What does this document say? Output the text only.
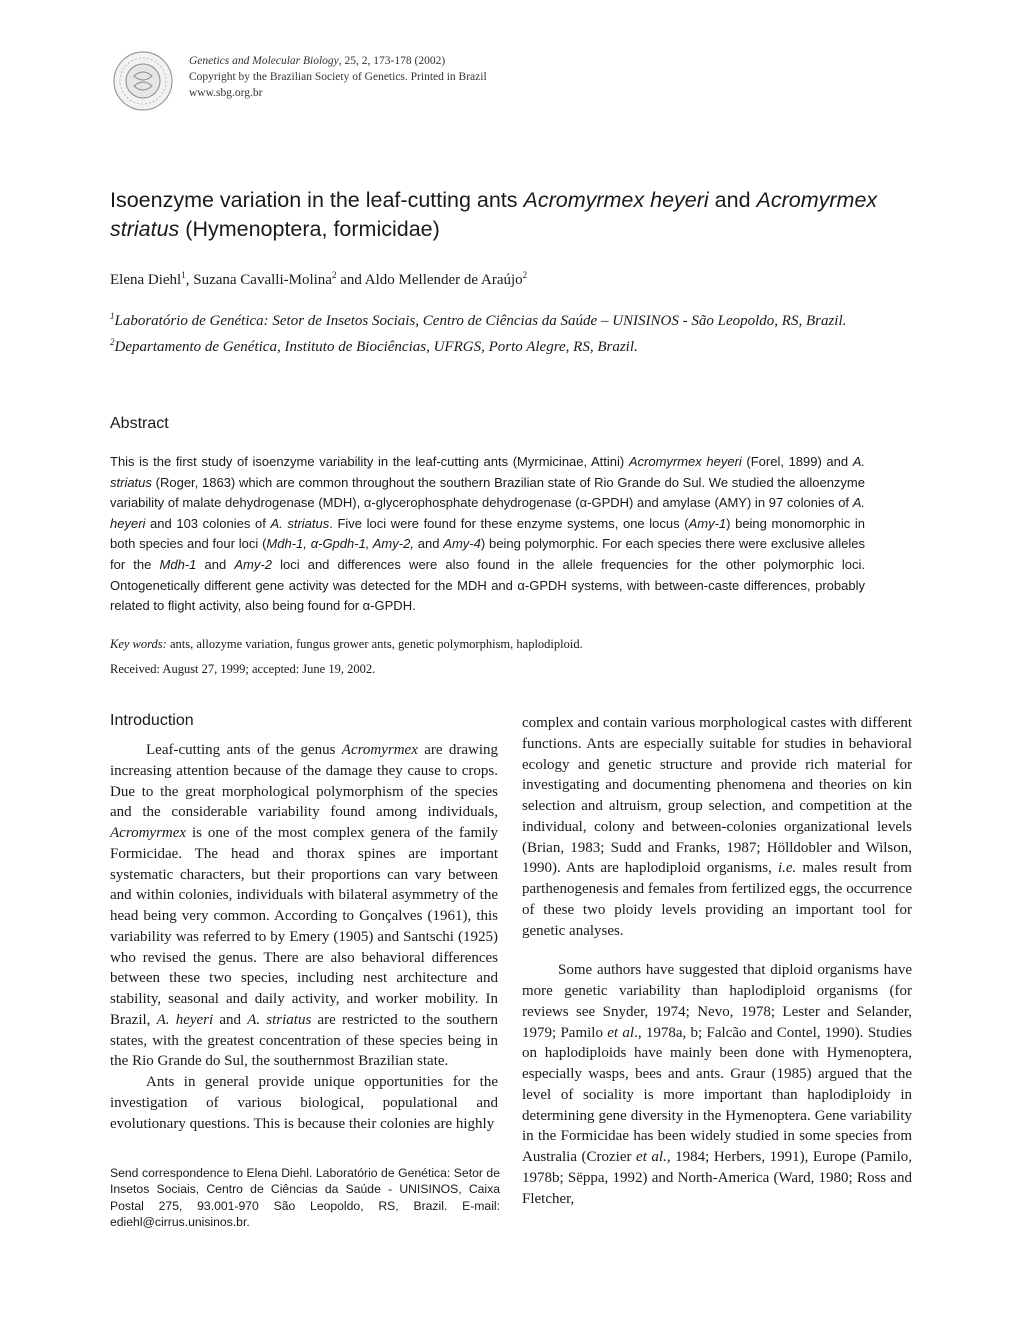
Genetics and Molecular Biology, 25, 2, 173-178 (2002)
Copyright by the Brazilian Society of Genetics. Printed in Brazil
www.sbg.org.br
Isoenzyme variation in the leaf-cutting ants Acromyrmex heyeri and Acromyrmex striatus (Hymenoptera, formicidae)
Elena Diehl$^1$, Suzana Cavalli-Molina$^2$ and Aldo Mellender de Araújo$^2$
$^1$Laboratório de Genética: Setor de Insetos Sociais, Centro de Ciências da Saúde – UNISINOS - São Leopoldo, RS, Brazil.
$^2$Departamento de Genética, Instituto de Biociências, UFRGS, Porto Alegre, RS, Brazil.
Abstract
This is the first study of isoenzyme variability in the leaf-cutting ants (Myrmicinae, Attini) Acromyrmex heyeri (Forel, 1899) and A. striatus (Roger, 1863) which are common throughout the southern Brazilian state of Rio Grande do Sul. We studied the alloenzyme variability of malate dehydrogenase (MDH), α-glycerophosphate dehydrogenase (α-GPDH) and amylase (AMY) in 97 colonies of A. heyeri and 103 colonies of A. striatus. Five loci were found for these enzyme systems, one locus (Amy-1) being monomorphic in both species and four loci (Mdh-1, α-Gpdh-1, Amy-2, and Amy-4) being polymorphic. For each species there were exclusive alleles for the Mdh-1 and Amy-2 loci and differences were also found in the allele frequencies for the other polymorphic loci. Ontogenetically different gene activity was detected for the MDH and α-GPDH systems, with between-caste differences, probably related to flight activity, also being found for α-GPDH.
Key words: ants, allozyme variation, fungus grower ants, genetic polymorphism, haplodiploid.
Received: August 27, 1999; accepted: June 19, 2002.
Introduction

Leaf-cutting ants of the genus Acromyrmex are drawing increasing attention because of the damage they cause to crops. Due to the great morphological polymorphism of the species and the considerable variability found among individuals, Acromyrmex is one of the most complex genera of the family Formicidae. The head and thorax spines are important systematic characters, but their proportions can vary between and within colonies, individuals with bilateral asymmetry of the head being very common. According to Gonçalves (1961), this variability was referred to by Emery (1905) and Santschi (1925) who revised the genus. There are also behavioral differences between these two species, including nest architecture and stability, seasonal and daily activity, and worker mobility. In Brazil, A. heyeri and A. striatus are restricted to the southern states, with the greatest concentration of these species being in the Rio Grande do Sul, the southernmost Brazilian state.

Ants in general provide unique opportunities for the investigation of various biological, populational and evolutionary questions. This is because their colonies are highly

Send correspondence to Elena Diehl. Laboratório de Genética: Setor de Insetos Sociais, Centro de Ciências da Saúde - UNISINOS, Caixa Postal 275, 93.001-970 São Leopoldo, RS, Brazil. E-mail: ediehl@cirrus.unisinos.br.

complex and contain various morphological castes with different functions. Ants are especially suitable for studies in behavioral ecology and genetic structure and provide rich material for investigating and documenting phenomena and theories on kin selection and altruism, group selection, and competition at the individual, colony and between-colonies organizational levels (Brian, 1983; Sudd and Franks, 1987; Hölldobler and Wilson, 1990). Ants are haplodiploid organisms, i.e. males result from parthenogenesis and females from fertilized eggs, the occurrence of these two ploidy levels providing an important tool for genetic analyses.

Some authors have suggested that diploid organisms have more genetic variability than haplodiploid organisms (for reviews see Snyder, 1974; Nevo, 1978; Lester and Selander, 1979; Pamilo et al., 1978a, b; Falcão and Contel, 1990). Studies on haplodiploids have mainly been done with Hymenoptera, especially wasps, bees and ants. Graur (1985) argued that the level of sociality is more important than haplodiploidy in determining gene diversity in the Hymenoptera. Gene variability in the Formicidae has been widely studied in some species from Australia (Crozier et al., 1984; Herbers, 1991), Europe (Pamilo, 1978b; Sëppa, 1992) and North-America (Ward, 1980; Ross and Fletcher,
